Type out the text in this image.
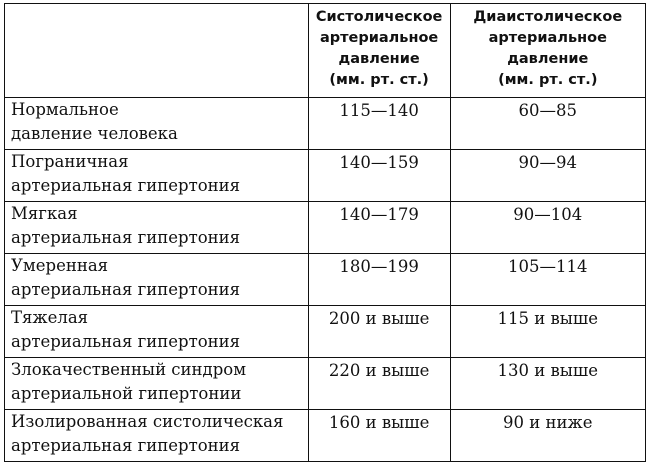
	Систолическое
артериальное
давление
(мм. рт. ст.)	Диаистолическое
артериальное
давление
(мм. рт. ст.)

Нормальное
давление человека	115—140	60—85

Пограничная
артериальная гипертония	140—159	90—94

Мягкая
артериальная гипертония	140—179	90—104

Умеренная
артериальная гипертония	180—199	105—114

Тяжелая
артериальная гипертония	200 и выше	115 и выше

Злокачественный синдром
артериальной гипертонии	220 и выше	130 и выше

Изолированная систолическая
артериальная гипертония	160 и выше	90 и ниже
